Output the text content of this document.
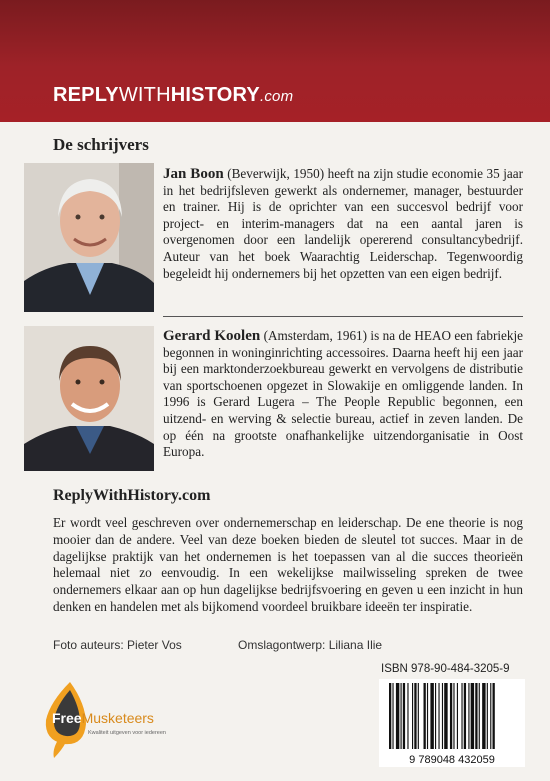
REPLYWITHHISTORY.com
De schrijvers

Jan Boon (Beverwijk, 1950) heeft na zijn studie economie 35 jaar in het bedrijfsleven gewerkt als ondernemer, manager, bestuurder en trainer. Hij is de oprichter van een succesvol bedrijf voor project- en interim-managers dat na een aantal jaren is overgenomen door een landelijk opererend consultancybedrijf. Auteur van het boek Waarachtig Leiderschap. Tegenwoordig begeleidt hij ondernemers bij het opzetten van een eigen bedrijf.

Gerard Koolen (Amsterdam, 1961) is na de HEAO een fabriekje begonnen in woninginrichting accessoires. Daarna heeft hij een jaar bij een marktonderzoekbureau gewerkt en vervolgens de distributie van sportschoenen opgezet in Slowakije en omliggende landen. In 1996 is Gerard Lugera – The People Republic begonnen, een uitzend- en werving & selectie bureau, actief in zeven landen. De op één na grootste onafhankelijke uitzendorganisatie in Oost Europa.

ReplyWithHistory.com

Er wordt veel geschreven over ondernemerschap en leiderschap. De ene theorie is nog mooier dan de andere. Veel van deze boeken bieden de sleutel tot succes. Maar in de dagelijkse praktijk van het ondernemen is het toepassen van al die succes theorieën helemaal niet zo eenvoudig. In een wekelijkse mailwisseling spreken de twee ondernemers elkaar aan op hun dagelijkse bedrijfsvoering en geven u een inzicht in hun denken en handelen met als bijkomend voordeel bruikbare ideeën ter inspiratie.

Foto auteurs: Pieter Vos	Omslagontwerp: Liliana Ilie
FreeMusketeers
Kwaliteit uitgeven voor iedereen
ISBN 978-90-484-3205-9
9 789048 432059
